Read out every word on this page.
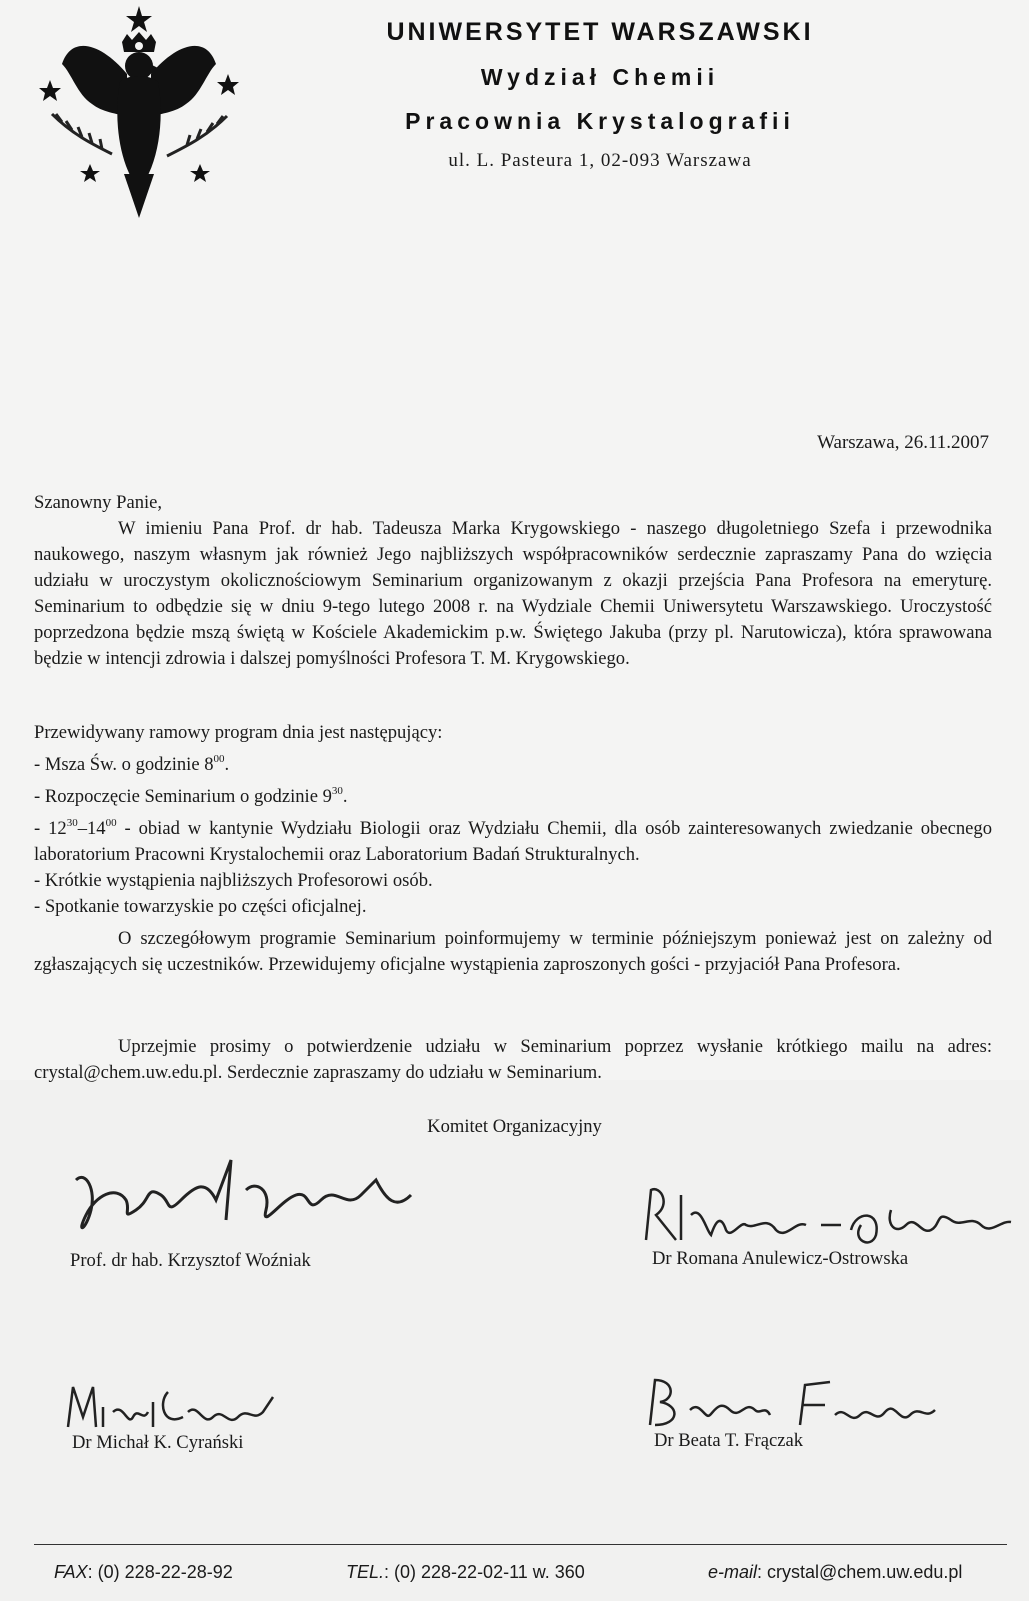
UNIWERSYTET WARSZAWSKI
Wydział Chemii
Pracownia Krystalografii
ul. L. Pasteura 1, 02-093 Warszawa
Warszawa, 26.11.2007
Szanowny Panie,
W imieniu Pana Prof. dr hab. Tadeusza Marka Krygowskiego - naszego długoletniego Szefa i przewodnika naukowego, naszym własnym jak również Jego najbliższych współpracowników serdecznie zapraszamy Pana do wzięcia udziału w uroczystym okolicznościowym Seminarium organizowanym z okazji przejścia Pana Profesora na emeryturę. Seminarium to odbędzie się w dniu 9-tego lutego 2008 r. na Wydziale Chemii Uniwersytetu Warszawskiego. Uroczystość poprzedzona będzie mszą świętą w Kościele Akademickim p.w. Świętego Jakuba (przy pl. Narutowicza), która sprawowana będzie w intencji zdrowia i dalszej pomyślności Profesora T. M. Krygowskiego.

Przewidywany ramowy program dnia jest następujący:

- Msza Św. o godzinie $8^{00}$.

- Rozpoczęcie Seminarium o godzinie $9^{30}$.

- $12^{30}-14^{00}$ - obiad w kantynie Wydziału Biologii oraz Wydziału Chemii, dla osób zainteresowanych zwiedzanie obecnego laboratorium Pracowni Krystalochemii oraz Laboratorium Badań Strukturalnych.

- Krótkie wystąpienia najbliższych Profesorowi osób.

- Spotkanie towarzyskie po części oficjalnej.

O szczegółowym programie Seminarium poinformujemy w terminie późniejszym ponieważ jest on zależny od zgłaszających się uczestników. Przewidujemy oficjalne wystąpienia zaproszonych gości - przyjaciół Pana Profesora.
Uprzejmie prosimy o potwierdzenie udziału w Seminarium poprzez wysłanie krótkiego mailu na adres: crystal@chem.uw.edu.pl. Serdecznie zapraszamy do udziału w Seminarium.
Komitet Organizacyjny
Prof. dr hab. Krzysztof Woźniak	Dr Romana Anulewicz-Ostrowska
Dr Michał K. Cyrański	Dr Beata T. Frączak
FAX: (0) 228-22-28-92	TEL.: (0) 228-22-02-11 w. 360	e-mail: crystal@chem.uw.edu.pl
